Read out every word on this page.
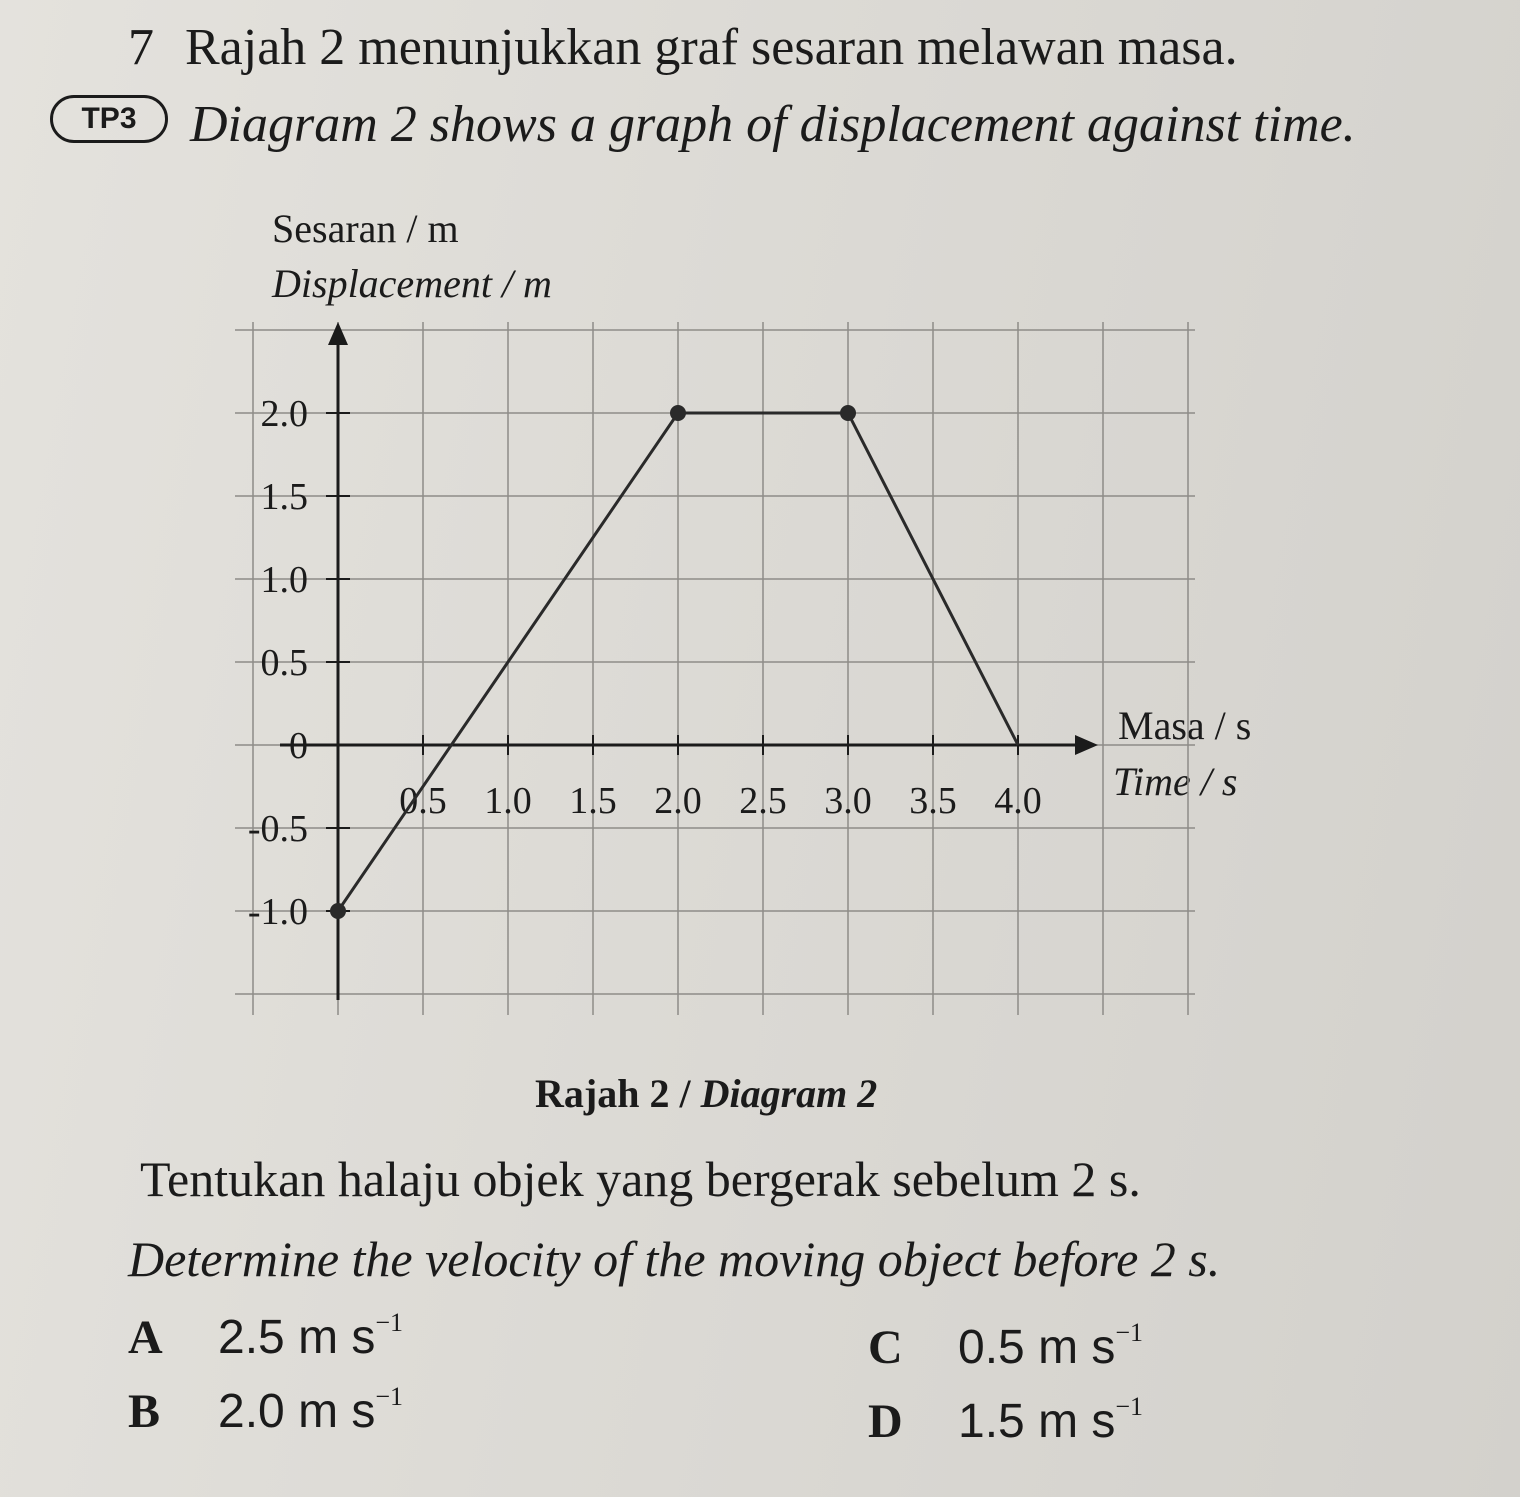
7 Rajah 2 menunjukkan graf sesaran melawan masa.
TP3	Diagram 2 shows a graph of displacement against time.
Sesaran / m
Displacement / m
Masa / s
Time / s
0.5 1.0 1.5 2.0 2.5 3.0 3.5 4.0
2.0
1.5
1.0
0.5
0
-0.5
-1.0
Rajah 2 / Diagram 2
Tentukan halaju objek yang bergerak sebelum 2 s.
Determine the velocity of the moving object before 2 s.
A 2.5 m $s^{-1}$
B 2.0 m $s^{-1}$
C 0.5 m $s^{-1}$
D 1.5 m $s^{-1}$
